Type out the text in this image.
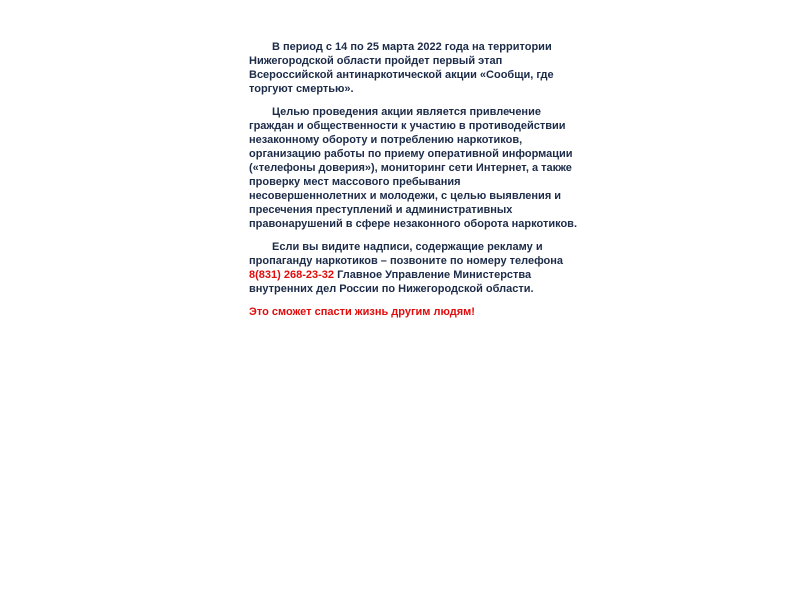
В период с 14 по 25 марта 2022 года на территории Нижегородской области пройдет первый этап Всероссийской антинаркотической акции «Сообщи, где торгуют смертью».

Целью проведения акции является привлечение граждан и общественности к участию в противодействии незаконному обороту и потреблению наркотиков, организацию работы по приему оперативной информации («телефоны доверия»), мониторинг сети Интернет, а также проверку мест массового пребывания несовершеннолетних и молодежи, с целью выявления и пресечения преступлений и административных правонарушений в сфере незаконного оборота наркотиков.

Если вы видите надписи, содержащие рекламу и пропаганду наркотиков – позвоните по номеру телефона
8(831) 268-23-32 Главное Управление Министерства внутренних дел России по Нижегородской области.

Это сможет спасти жизнь другим людям!
